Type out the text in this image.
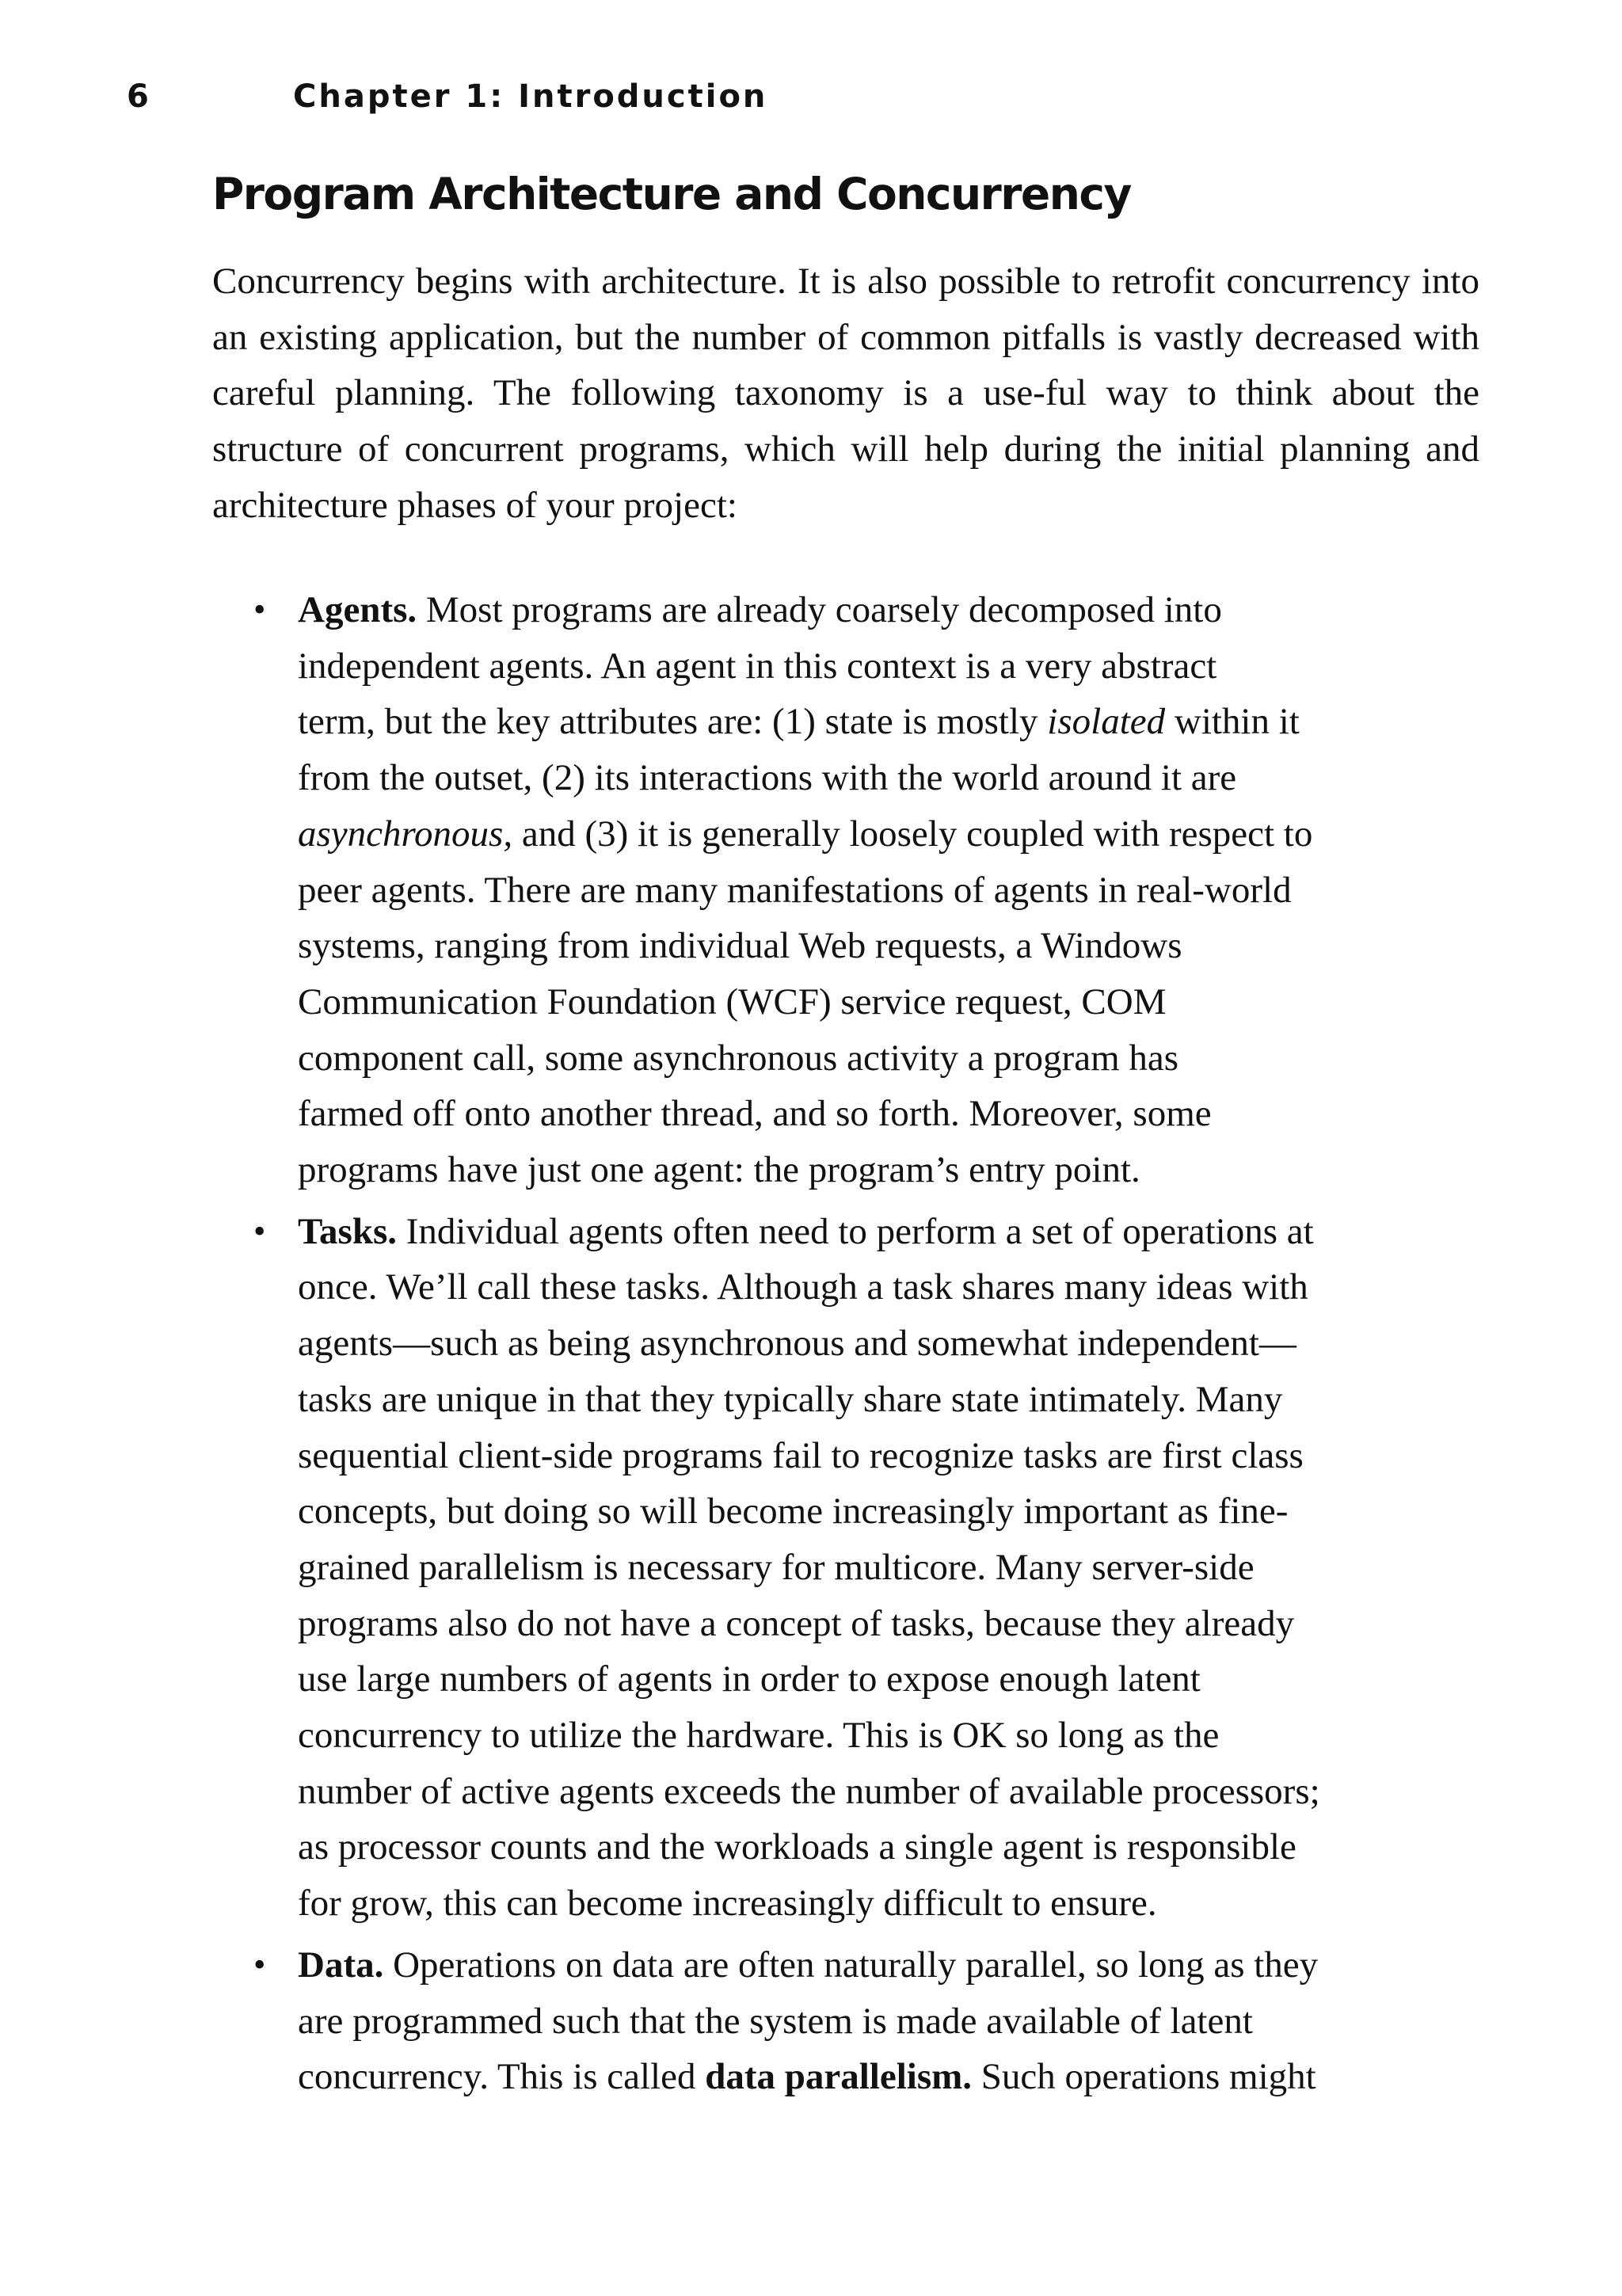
6	Chapter 1: Introduction
Program Architecture and Concurrency

Concurrency begins with architecture. It is also possible to retrofit concurrency into an existing application, but the number of common pitfalls is vastly decreased with careful planning. The following taxonomy is a use-ful way to think about the structure of concurrent programs, which will help during the initial planning and architecture phases of your project:

• Agents. Most programs are already coarsely decomposed into
independent agents. An agent in this context is a very abstract
term, but the key attributes are: (1) state is mostly isolated within it
from the outset, (2) its interactions with the world around it are
asynchronous, and (3) it is generally loosely coupled with respect to
peer agents. There are many manifestations of agents in real-world
systems, ranging from individual Web requests, a Windows
Communication Foundation (WCF) service request, COM
component call, some asynchronous activity a program has
farmed off onto another thread, and so forth. Moreover, some
programs have just one agent: the program’s entry point.
• Tasks. Individual agents often need to perform a set of operations at
once. We’ll call these tasks. Although a task shares many ideas with
agents—such as being asynchronous and somewhat independent—
tasks are unique in that they typically share state intimately. Many
sequential client-side programs fail to recognize tasks are first class
concepts, but doing so will become increasingly important as fine-
grained parallelism is necessary for multicore. Many server-side
programs also do not have a concept of tasks, because they already
use large numbers of agents in order to expose enough latent
concurrency to utilize the hardware. This is OK so long as the
number of active agents exceeds the number of available processors;
as processor counts and the workloads a single agent is responsible
for grow, this can become increasingly difficult to ensure.
• Data. Operations on data are often naturally parallel, so long as they
are programmed such that the system is made available of latent
concurrency. This is called data parallelism. Such operations might
